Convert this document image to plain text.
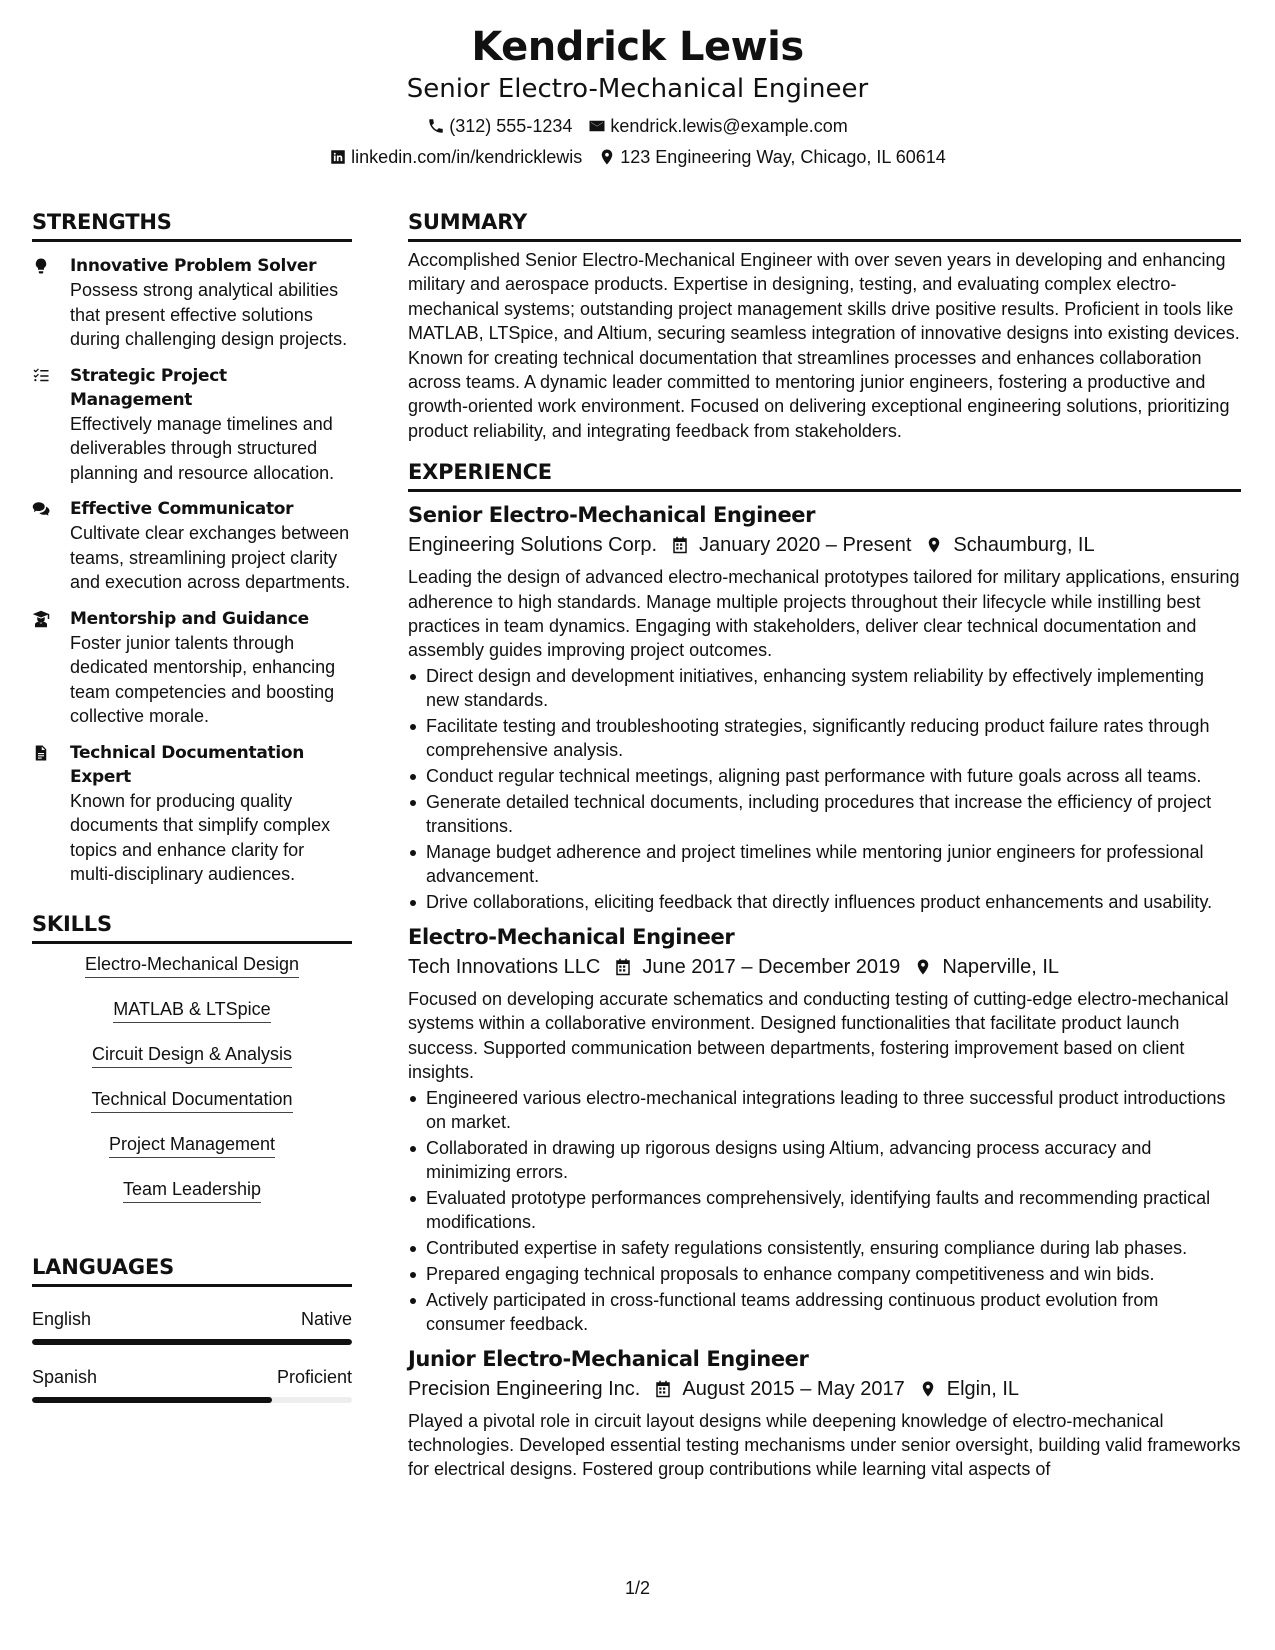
Kendrick Lewis
Senior Electro-Mechanical Engineer
(312) 555-1234 kendrick.lewis@example.com
linkedin.com/in/kendricklewis 123 Engineering Way, Chicago, IL 60614
STRENGTHS
Innovative Problem Solver
Possess strong analytical abilities that present effective solutions during challenging design projects.
Strategic Project Management
Effectively manage timelines and deliverables through structured planning and resource allocation.
Effective Communicator
Cultivate clear exchanges between teams, streamlining project clarity and execution across departments.
Mentorship and Guidance
Foster junior talents through dedicated mentorship, enhancing team competencies and boosting collective morale.
Technical Documentation Expert
Known for producing quality documents that simplify complex topics and enhance clarity for multi-disciplinary audiences.
SKILLS
Electro-Mechanical Design
MATLAB & LTSpice
Circuit Design & Analysis
Technical Documentation
Project Management
Team Leadership
LANGUAGES
English	Native
Spanish	Proficient
SUMMARY
Accomplished Senior Electro-Mechanical Engineer with over seven years in developing and enhancing military and aerospace products. Expertise in designing, testing, and evaluating complex electro-mechanical systems; outstanding project management skills drive positive results. Proficient in tools like MATLAB, LTSpice, and Altium, securing seamless integration of innovative designs into existing devices. Known for creating technical documentation that streamlines processes and enhances collaboration across teams. A dynamic leader committed to mentoring junior engineers, fostering a productive and growth-oriented work environment. Focused on delivering exceptional engineering solutions, prioritizing product reliability, and integrating feedback from stakeholders.
EXPERIENCE
Senior Electro-Mechanical Engineer
Engineering Solutions Corp. January 2020 – Present Schaumburg, IL
Leading the design of advanced electro-mechanical prototypes tailored for military applications, ensuring adherence to high standards. Manage multiple projects throughout their lifecycle while instilling best practices in team dynamics. Engaging with stakeholders, deliver clear technical documentation and assembly guides improving project outcomes.
Direct design and development initiatives, enhancing system reliability by effectively implementing new standards.
Facilitate testing and troubleshooting strategies, significantly reducing product failure rates through comprehensive analysis.
Conduct regular technical meetings, aligning past performance with future goals across all teams.
Generate detailed technical documents, including procedures that increase the efficiency of project transitions.
Manage budget adherence and project timelines while mentoring junior engineers for professional advancement.
Drive collaborations, eliciting feedback that directly influences product enhancements and usability.
Electro-Mechanical Engineer
Tech Innovations LLC June 2017 – December 2019 Naperville, IL
Focused on developing accurate schematics and conducting testing of cutting-edge electro-mechanical systems within a collaborative environment. Designed functionalities that facilitate product launch success. Supported communication between departments, fostering improvement based on client insights.
Engineered various electro-mechanical integrations leading to three successful product introductions on market.
Collaborated in drawing up rigorous designs using Altium, advancing process accuracy and minimizing errors.
Evaluated prototype performances comprehensively, identifying faults and recommending practical modifications.
Contributed expertise in safety regulations consistently, ensuring compliance during lab phases.
Prepared engaging technical proposals to enhance company competitiveness and win bids.
Actively participated in cross-functional teams addressing continuous product evolution from consumer feedback.
Junior Electro-Mechanical Engineer
Precision Engineering Inc. August 2015 – May 2017 Elgin, IL
Played a pivotal role in circuit layout designs while deepening knowledge of electro-mechanical technologies. Developed essential testing mechanisms under senior oversight, building valid frameworks for electrical designs. Fostered group contributions while learning vital aspects of
1/2
